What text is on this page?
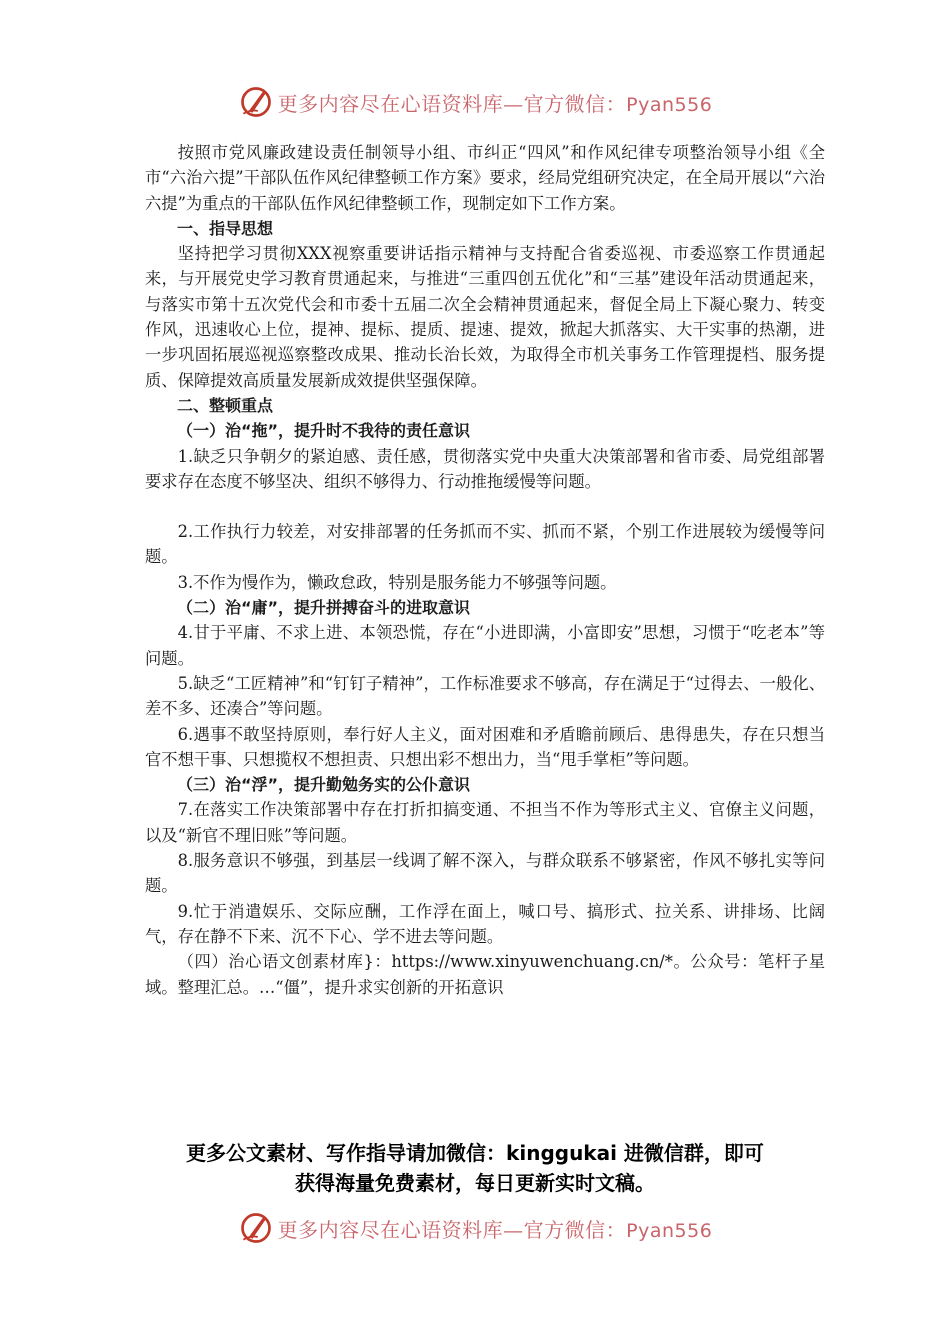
更多内容尽在心语资料库—官方微信：Pyan556

按照市党风廉政建设责任制领导小组、市纠正“四风”和作风纪律专项整治领导小组《全市“六治六提”干部队伍作风纪律整顿工作方案》要求，经局党组研究决定，在全局开展以“六治六提”为重点的干部队伍作风纪律整顿工作，现制定如下工作方案。

一、指导思想

坚持把学习贯彻XXX视察重要讲话指示精神与支持配合省委巡视、市委巡察工作贯通起来，与开展党史学习教育贯通起来，与推进“三重四创五优化”和“三基”建设年活动贯通起来，与落实市第十五次党代会和市委十五届二次全会精神贯通起来，督促全局上下凝心聚力、转变作风，迅速收心上位，提神、提标、提质、提速、提效，掀起大抓落实、大干实事的热潮，进一步巩固拓展巡视巡察整改成果、推动长治长效，为取得全市机关事务工作管理提档、服务提质、保障提效高质量发展新成效提供坚强保障。

二、整顿重点

（一）治“拖”，提升时不我待的责任意识

1.缺乏只争朝夕的紧迫感、责任感，贯彻落实党中央重大决策部署和省市委、局党组部署要求存在态度不够坚决、组织不够得力、行动推拖缓慢等问题。

2.工作执行力较差，对安排部署的任务抓而不实、抓而不紧，个别工作进展较为缓慢等问题。

3.不作为慢作为，懒政怠政，特别是服务能力不够强等问题。

（二）治“庸”，提升拼搏奋斗的进取意识

4.甘于平庸、不求上进、本领恐慌，存在“小进即满，小富即安”思想，习惯于“吃老本”等问题。

5.缺乏“工匠精神”和“钉钉子精神”，工作标准要求不够高，存在满足于“过得去、一般化、差不多、还凑合”等问题。

6.遇事不敢坚持原则，奉行好人主义，面对困难和矛盾瞻前顾后、患得患失，存在只想当官不想干事、只想揽权不想担责、只想出彩不想出力，当“甩手掌柜”等问题。

（三）治“浮”，提升勤勉务实的公仆意识

7.在落实工作决策部署中存在打折扣搞变通、不担当不作为等形式主义、官僚主义问题，以及“新官不理旧账”等问题。

8.服务意识不够强，到基层一线调了解不深入，与群众联系不够紧密，作风不够扎实等问题。

9.忙于消遣娱乐、交际应酬，工作浮在面上，喊口号、搞形式、拉关系、讲排场、比阔气，存在静不下来、沉不下心、学不进去等问题。

（四）治心语文创素材库}：https://www.xinyuwenchuang.cn/*。公众号：笔杆子星域。整理汇总。…“僵”，提升求实创新的开拓意识

更多公文素材、写作指导请加微信：kinggukai 进微信群，即可
获得海量免费素材，每日更新实时文稿。
更多内容尽在心语资料库—官方微信：Pyan556
